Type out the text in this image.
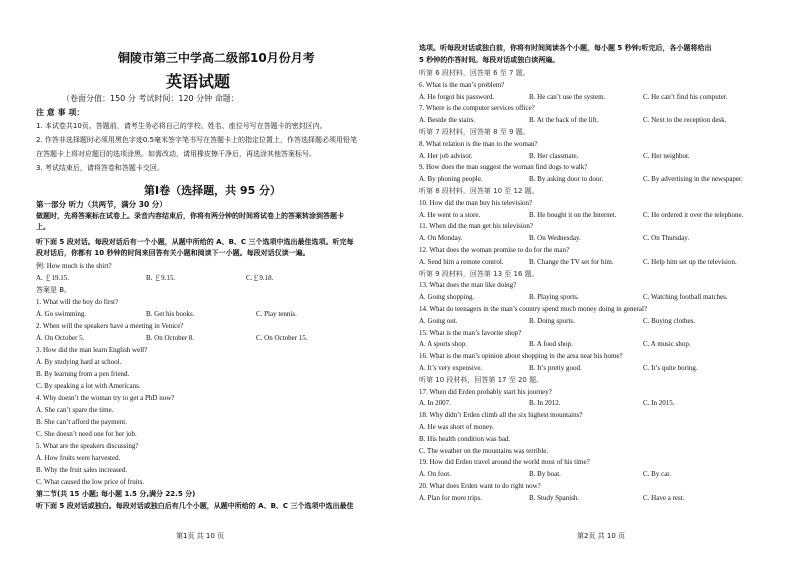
铜陵市第三中学高二级部10月份月考
英语试题
（卷面分值：150 分 考试时间：120 分钟 命题：
注 意 事 项：
1. 本试卷共10页。答题前，请考生务必将自己的学校、姓名、座位号写在答题卡的密封区内。
2. 作答非选择题时必须用黑色字迹0.5毫米签字笔书写在答题卡上的指定位置上，作答选择题必须用铅笔
在答题卡上将对应题目的选项涂黑。如需改动，请用橡皮擦干净后，再选涂其他答案标号。
3. 考试结束后，请将答卷和答题卡交回。
第Ⅰ卷（选择题，共 95 分）
第一部分 听力（共两节，满分 30 分）
做题时，先将答案标在试卷上。录音内容结束后，你将有两分钟的时间将试卷上的答案转涂到答题卡
上。
听下面 5 段对话。每段对话后有一个小题，从题中所给的 A、B、C 三个选项中选出最佳选项。听完每
段对话后，你都有 10 秒钟的时间来回答有关小题和阅读下一小题。每段对话仅读一遍。
例: How much is the shirt?
A. ￡19.15.	B. ￡9.15.	C.￡9.18.
答案是 B。
1. What will the boy do first?
A. Go swimming.	B. Get his books.	C. Play tennis.
2. When will the speakers have a meeting in Venice?
A. On October 5.	B. On October 8.	C. On October 15.
3. How did the man learn English well?
A. By studying hard at school.
B. By learning from a pen friend.
C. By speaking a lot with Americans.
4. Why doesn’t the woman try to get a PhD now?
A. She can’t spare the time.
B. She can’t afford the payment.
C. She doesn’t need one for her job.
5. What are the speakers discussing?
A. How fruits were harvested.
B. Why the fruit sales increased.
C. What caused the low price of fruits.
第二节(共 15 小题; 每小题 1.5 分,满分 22.5 分)
听下面 5 段对话或独白。每段对话或独白后有几个小题，从题中所给的 A、B、C 三个选项中选出最佳
第1页 共 10 页
选项。听每段对话或独白前，你将有时间阅读各个小题，每小题 5 秒钟;听完后，各小题将给出
5 秒钟的作答时间。每段对话或独白读两遍。
听第 6 段材料，回答第 6 至 7 题。
6. What is the man’s problem?
A. He forgot his password.	B. He can’t use the system.	C. He can’t find his computer.
7. Where is the computer services office?
A. Beside the stairs.	B. At the back of the lift.	C. Next to the reception desk.
听第 7 段材料，回答第 8 至 9 题。
8. What relation is the man to the woman?
A. Her job advisor.	B. Her classmate.	C. Her neighbor.
9. How does the man suggest the woman find dogs to walk?
A. By phoning people.	B. By asking door to door.	C. By advertising in the newspaper.
听第 8 段材料，回答第 10 至 12 题。
10. How did the man buy his television?
A. He went to a store.	B. He bought it on the Internet.	C. He ordered it over the telephone.
11. When did the man get his television?
A. On Monday.	B. On Wednesday.	C. On Thursday.
12. What does the woman promise to do for the man?
A. Send him a remote control.	B. Change the TV set for him.	C. Help him set up the television.
听第 9 段材料，回答第 13 至 16 题。
13. What does the man like doing?
A. Going shopping.	B. Playing sports.	C. Watching football matches.
14. What do teenagers in the man’s country spend much money doing in general?
A. Going out.	B. Doing sports.	C. Buying clothes.
15. What is the man’s favorite shop?
A. A sports shop.	B. A food shop.	C. A music shop.
16. What is the man’s opinion about shopping in the area near his home?
A. It’s very expensive.	B. It’s pretty good.	C. It’s quite boring.
听第 10 段材料，回答第 17 至 20 题。
17. When did Erden probably start his journey?
A. In 2007.	B. In 2012.	C. In 2015.
18. Why didn’t Erden climb all the six highest mountains?
A. He was short of money.
B. His health condition was bad.
C. The weather on the mountains was terrible.
19. How did Erden travel around the world most of his time?
A. On foot.	B. By boat.	C. By car.
20. What does Erden want to do right now?
A. Plan for more trips.	B. Study Spanish.	C. Have a rest.
第2页 共 10 页
